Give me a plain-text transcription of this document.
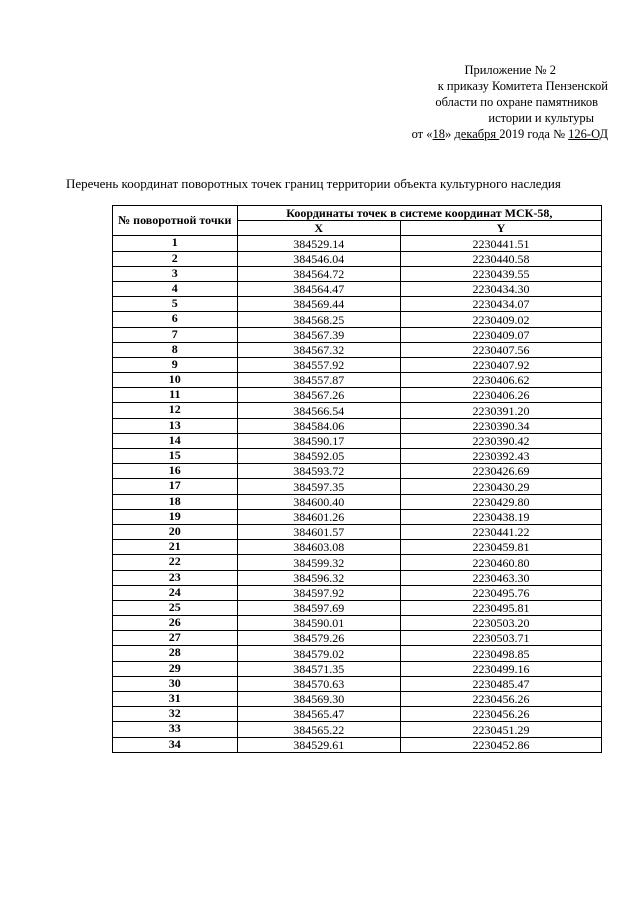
Приложение № 2
к приказу Комитета Пензенской
области по охране памятников
истории и культуры
от «18» декабря 2019 года № 126-ОД
Перечень координат поворотных точек границ территории объекта культурного наследия
№ поворотной точки	Координаты точек в системе координат МСК-58,	
	X	Y
1	384529.14	2230441.51
2	384546.04	2230440.58
3	384564.72	2230439.55
4	384564.47	2230434.30
5	384569.44	2230434.07
6	384568.25	2230409.02
7	384567.39	2230409.07
8	384567.32	2230407.56
9	384557.92	2230407.92
10	384557.87	2230406.62
11	384567.26	2230406.26
12	384566.54	2230391.20
13	384584.06	2230390.34
14	384590.17	2230390.42
15	384592.05	2230392.43
16	384593.72	2230426.69
17	384597.35	2230430.29
18	384600.40	2230429.80
19	384601.26	2230438.19
20	384601.57	2230441.22
21	384603.08	2230459.81
22	384599.32	2230460.80
23	384596.32	2230463.30
24	384597.92	2230495.76
25	384597.69	2230495.81
26	384590.01	2230503.20
27	384579.26	2230503.71
28	384579.02	2230498.85
29	384571.35	2230499.16
30	384570.63	2230485.47
31	384569.30	2230456.26
32	384565.47	2230456.26
33	384565.22	2230451.29
34	384529.61	2230452.86
